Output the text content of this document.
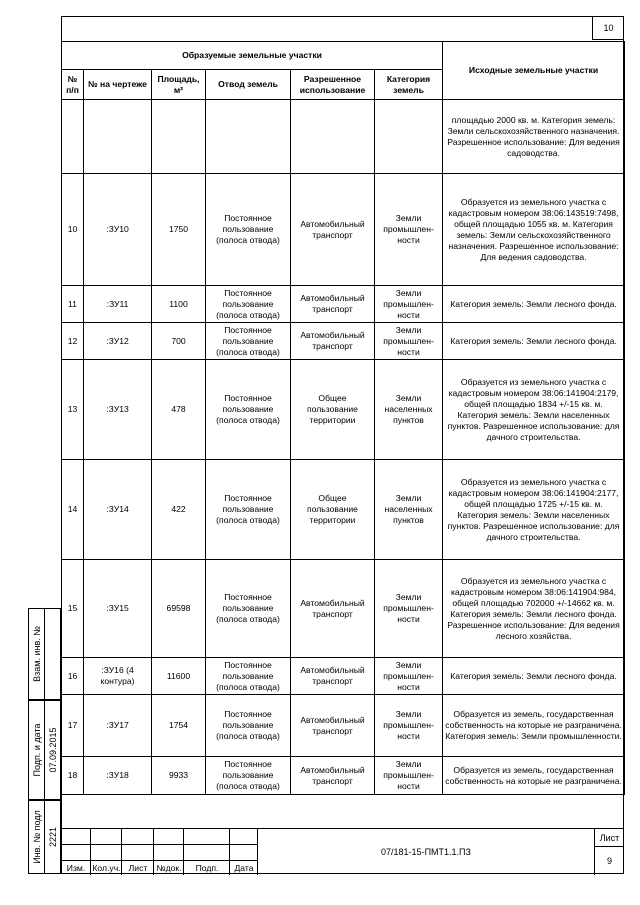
10
Образуемые земельные участки						Исходные земельные участки
№ п/п	№ на чертеже	Площадь, м²	Отвод земель	Разрешенное использование	Категория земель	
						площадью 2000 кв. м. Категория земель: Земли сельскохозяйственного назначения. Разрешенное использование: Для ведения садоводства.
10	:ЗУ10	1750	Постоянное пользование (полоса отвода)	Автомобильный транспорт	Земли промышлен-ности	Образуется из земельного участка с кадастровым номером 38:06:143519:7498, общей площадью 1055 кв. м. Категория земель: Земли сельскохозяйственного назначения. Разрешенное использование: Для ведения садоводства.
11	:ЗУ11	1100	Постоянное пользование (полоса отвода)	Автомобильный транспорт	Земли промышлен-ности	Категория земель: Земли лесного фонда.
12	:ЗУ12	700	Постоянное пользование (полоса отвода)	Автомобильный транспорт	Земли промышлен-ности	Категория земель: Земли лесного фонда.
13	:ЗУ13	478	Постоянное пользование (полоса отвода)	Общее пользование территории	Земли населенных пунктов	Образуется из земельного участка с кадастровым номером 38:06:141904:2179, общей площадью 1834 +/-15 кв. м. Категория земель: Земли населенных пунктов. Разрешенное использование: для дачного строительства.
14	:ЗУ14	422	Постоянное пользование (полоса отвода)	Общее пользование территории	Земли населенных пунктов	Образуется из земельного участка с кадастровым номером 38:06:141904:2177, общей площадью 1725 +/-15 кв. м. Категория земель: Земли населенных пунктов. Разрешенное использование: для дачного строительства.
15	:ЗУ15	69598	Постоянное пользование (полоса отвода)	Автомобильный транспорт	Земли промышлен-ности	Образуется из земельного участка с кадастровым номером 38:06:141904:984, общей площадью 702000 +/-14662 кв. м. Категория земель: Земли лесного фонда. Разрешенное использование: Для ведения лесного хозяйства.
16	:ЗУ16 (4 контура)	11600	Постоянное пользование (полоса отвода)	Автомобильный транспорт	Земли промышлен-ности	Категория земель: Земли лесного фонда.
17	:ЗУ17	1754	Постоянное пользование (полоса отвода)	Автомобильный транспорт	Земли промышлен-ности	Образуется из земель, государственная собственность на которые не разграничена. Категория земель: Земли промышленности.
18	:ЗУ18	9933	Постоянное пользование (полоса отвода)	Автомобильный транспорт	Земли промышлен-ности	Образуется из земель, государственная собственность на которые не разграничена.
Взам. инв. №
Подп. и дата 07.09.2015
Инв. № подл 2221
Изм. Кол.уч. Лист	№док.	Подп.	Дата
07/181-15-ПМТ1.1.ПЗ
Лист
9
